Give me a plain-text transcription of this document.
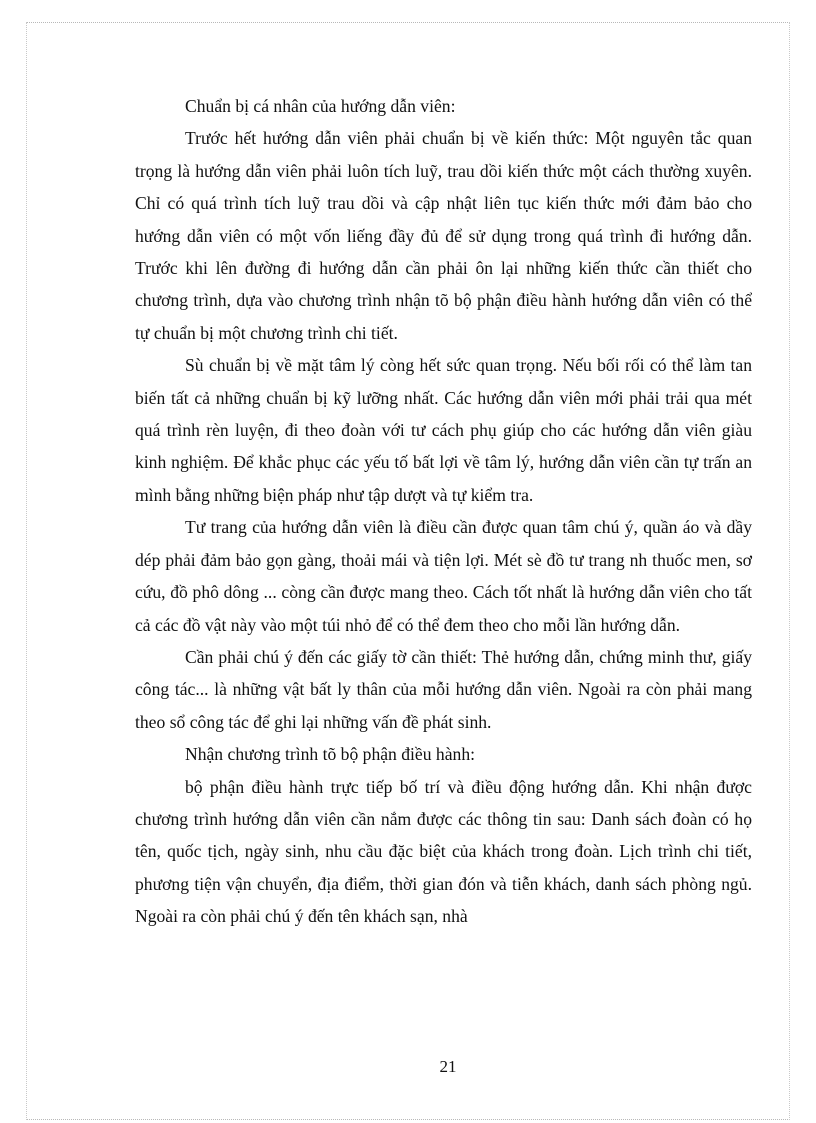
Chuẩn bị cá nhân của hướng dẫn viên:

Trước hết hướng dẫn viên phải chuẩn bị về kiến thức: Một nguyên tắc quan trọng là hướng dẫn viên phải luôn tích luỹ, trau dồi kiến thức một cách thường xuyên. Chỉ có quá trình tích luỹ trau dồi và cập nhật liên tục kiến thức mới đảm bảo cho hướng dẫn viên có một vốn liếng đầy đủ để sử dụng trong quá trình đi hướng dẫn. Trước khi lên đường đi hướng dẫn cần phải ôn lại những kiến thức cần thiết cho chương trình, dựa vào chương trình nhận tõ bộ phận điều hành hướng dẫn viên có thể tự chuẩn bị một chương trình chi tiết.

Sù chuẩn bị về mặt tâm lý còng hết sức quan trọng. Nếu bối rối có thể làm tan biến tất cả những chuẩn bị kỹ lưỡng nhất. Các hướng dẫn viên mới phải trải qua mét quá trình rèn luyện, đi theo đoàn với tư cách phụ giúp cho các hướng dẫn viên giàu kinh nghiệm. Để khắc phục các yếu tố bất lợi về tâm lý, hướng dẫn viên cần tự trấn an mình bằng những biện pháp như tập dượt và tự kiểm tra.

Tư trang của hướng dẫn viên là điều cần được quan tâm chú ý, quần áo và dầy dép phải đảm bảo gọn gàng, thoải mái và tiện lợi. Mét sè đồ tư trang nh thuốc men, sơ cứu, đồ phô dông ... còng cần được mang theo. Cách tốt nhất là hướng dẫn viên cho tất cả các đồ vật này vào một túi nhỏ để có thể đem theo cho mỗi lần hướng dẫn.

Cần phải chú ý đến các giấy tờ cần thiết: Thẻ hướng dẫn, chứng minh thư, giấy công tác... là những vật bất ly thân của mỗi hướng dẫn viên. Ngoài ra còn phải mang theo sổ công tác để ghi lại những vấn đề phát sinh.

Nhận chương trình tõ bộ phận điều hành:

bộ phận điều hành trực tiếp bố trí và điều động hướng dẫn. Khi nhận được chương trình hướng dẫn viên cần nắm được các thông tin sau: Danh sách đoàn có họ tên, quốc tịch, ngày sinh, nhu cầu đặc biệt của khách trong đoàn. Lịch trình chi tiết, phương tiện vận chuyển, địa điểm, thời gian đón và tiễn khách, danh sách phòng ngủ. Ngoài ra còn phải chú ý đến tên khách sạn, nhà

21
